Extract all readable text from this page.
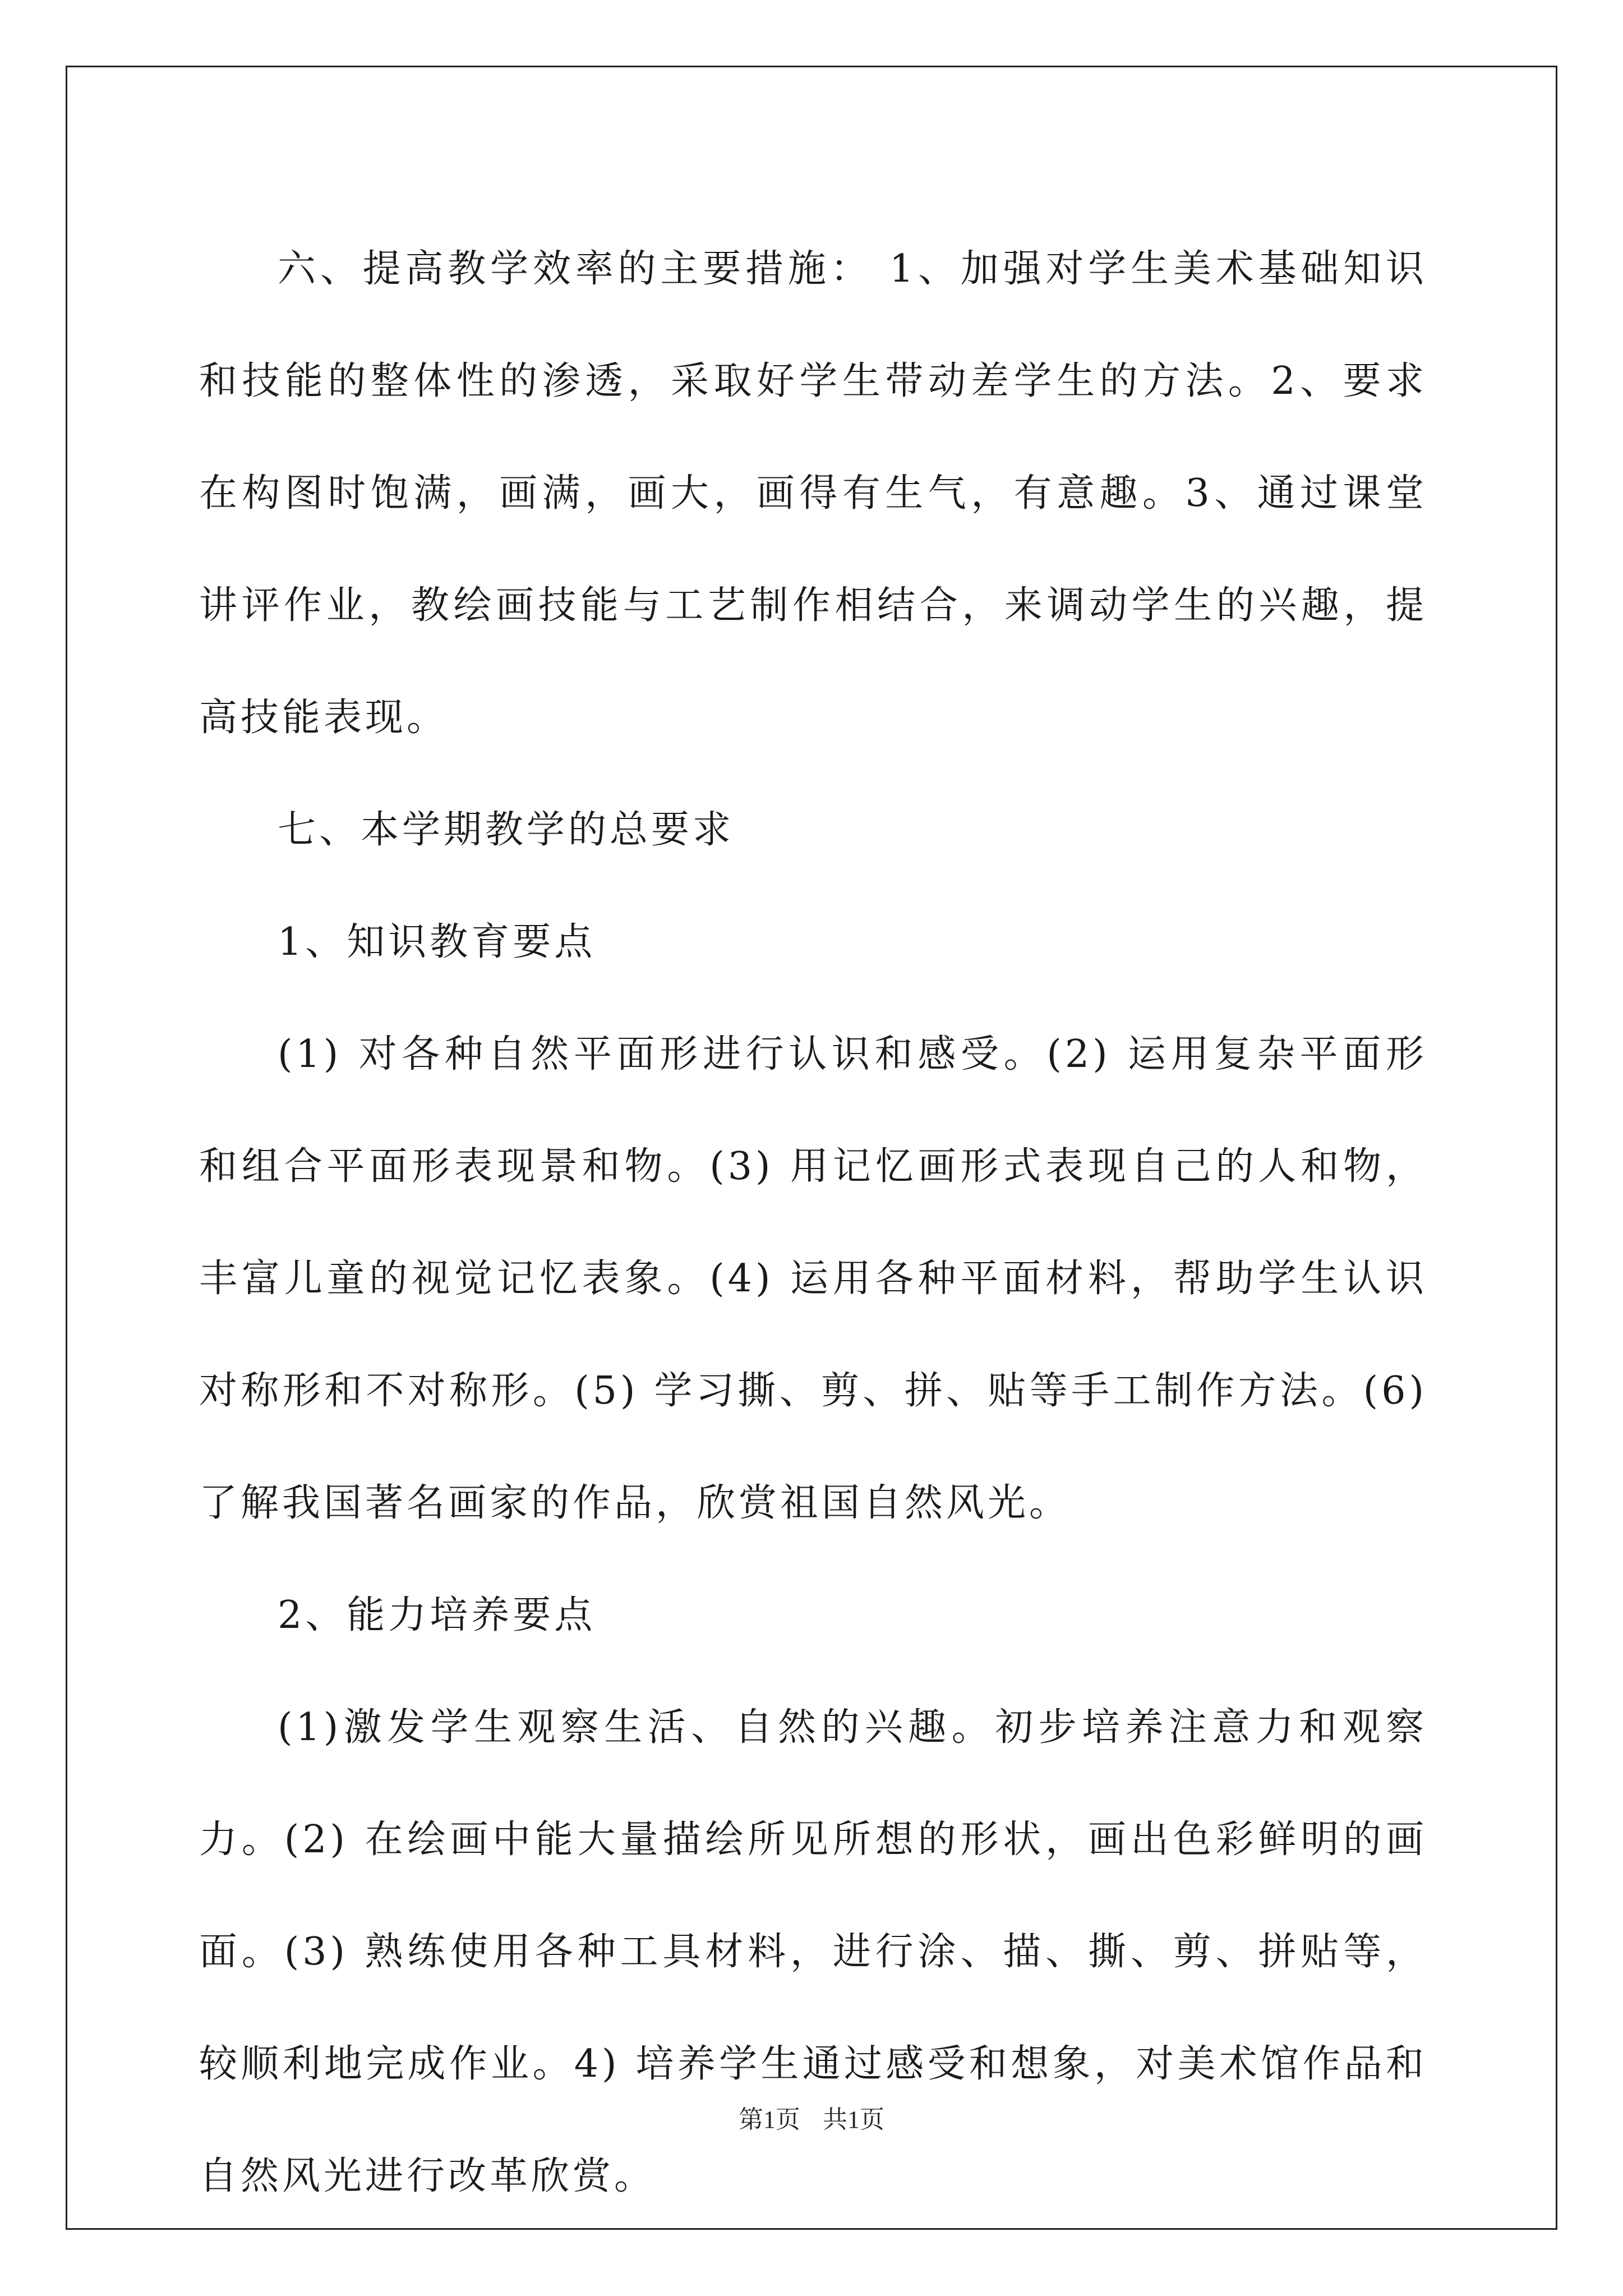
六、提高教学效率的主要措施： 1、加强对学生美术基础知识和技能的整体性的渗透，采取好学生带动差学生的方法。2、要求在构图时饱满，画满，画大，画得有生气，有意趣。3、通过课堂讲评作业，教绘画技能与工艺制作相结合，来调动学生的兴趣，提高技能表现。

七、本学期教学的总要求

1、知识教育要点

(1) 对各种自然平面形进行认识和感受。(2) 运用复杂平面形和组合平面形表现景和物。(3) 用记忆画形式表现自己的人和物，丰富儿童的视觉记忆表象。(4) 运用各种平面材料，帮助学生认识对称形和不对称形。(5) 学习撕、剪、拼、贴等手工制作方法。(6) 了解我国著名画家的作品，欣赏祖国自然风光。

2、能力培养要点

(1)激发学生观察生活、自然的兴趣。初步培养注意力和观察力。(2) 在绘画中能大量描绘所见所想的形状，画出色彩鲜明的画面。(3) 熟练使用各种工具材料，进行涂、描、撕、剪、拼贴等，较顺利地完成作业。4) 培养学生通过感受和想象，对美术馆作品和自然风光进行改革欣赏。

第1页 共1页
